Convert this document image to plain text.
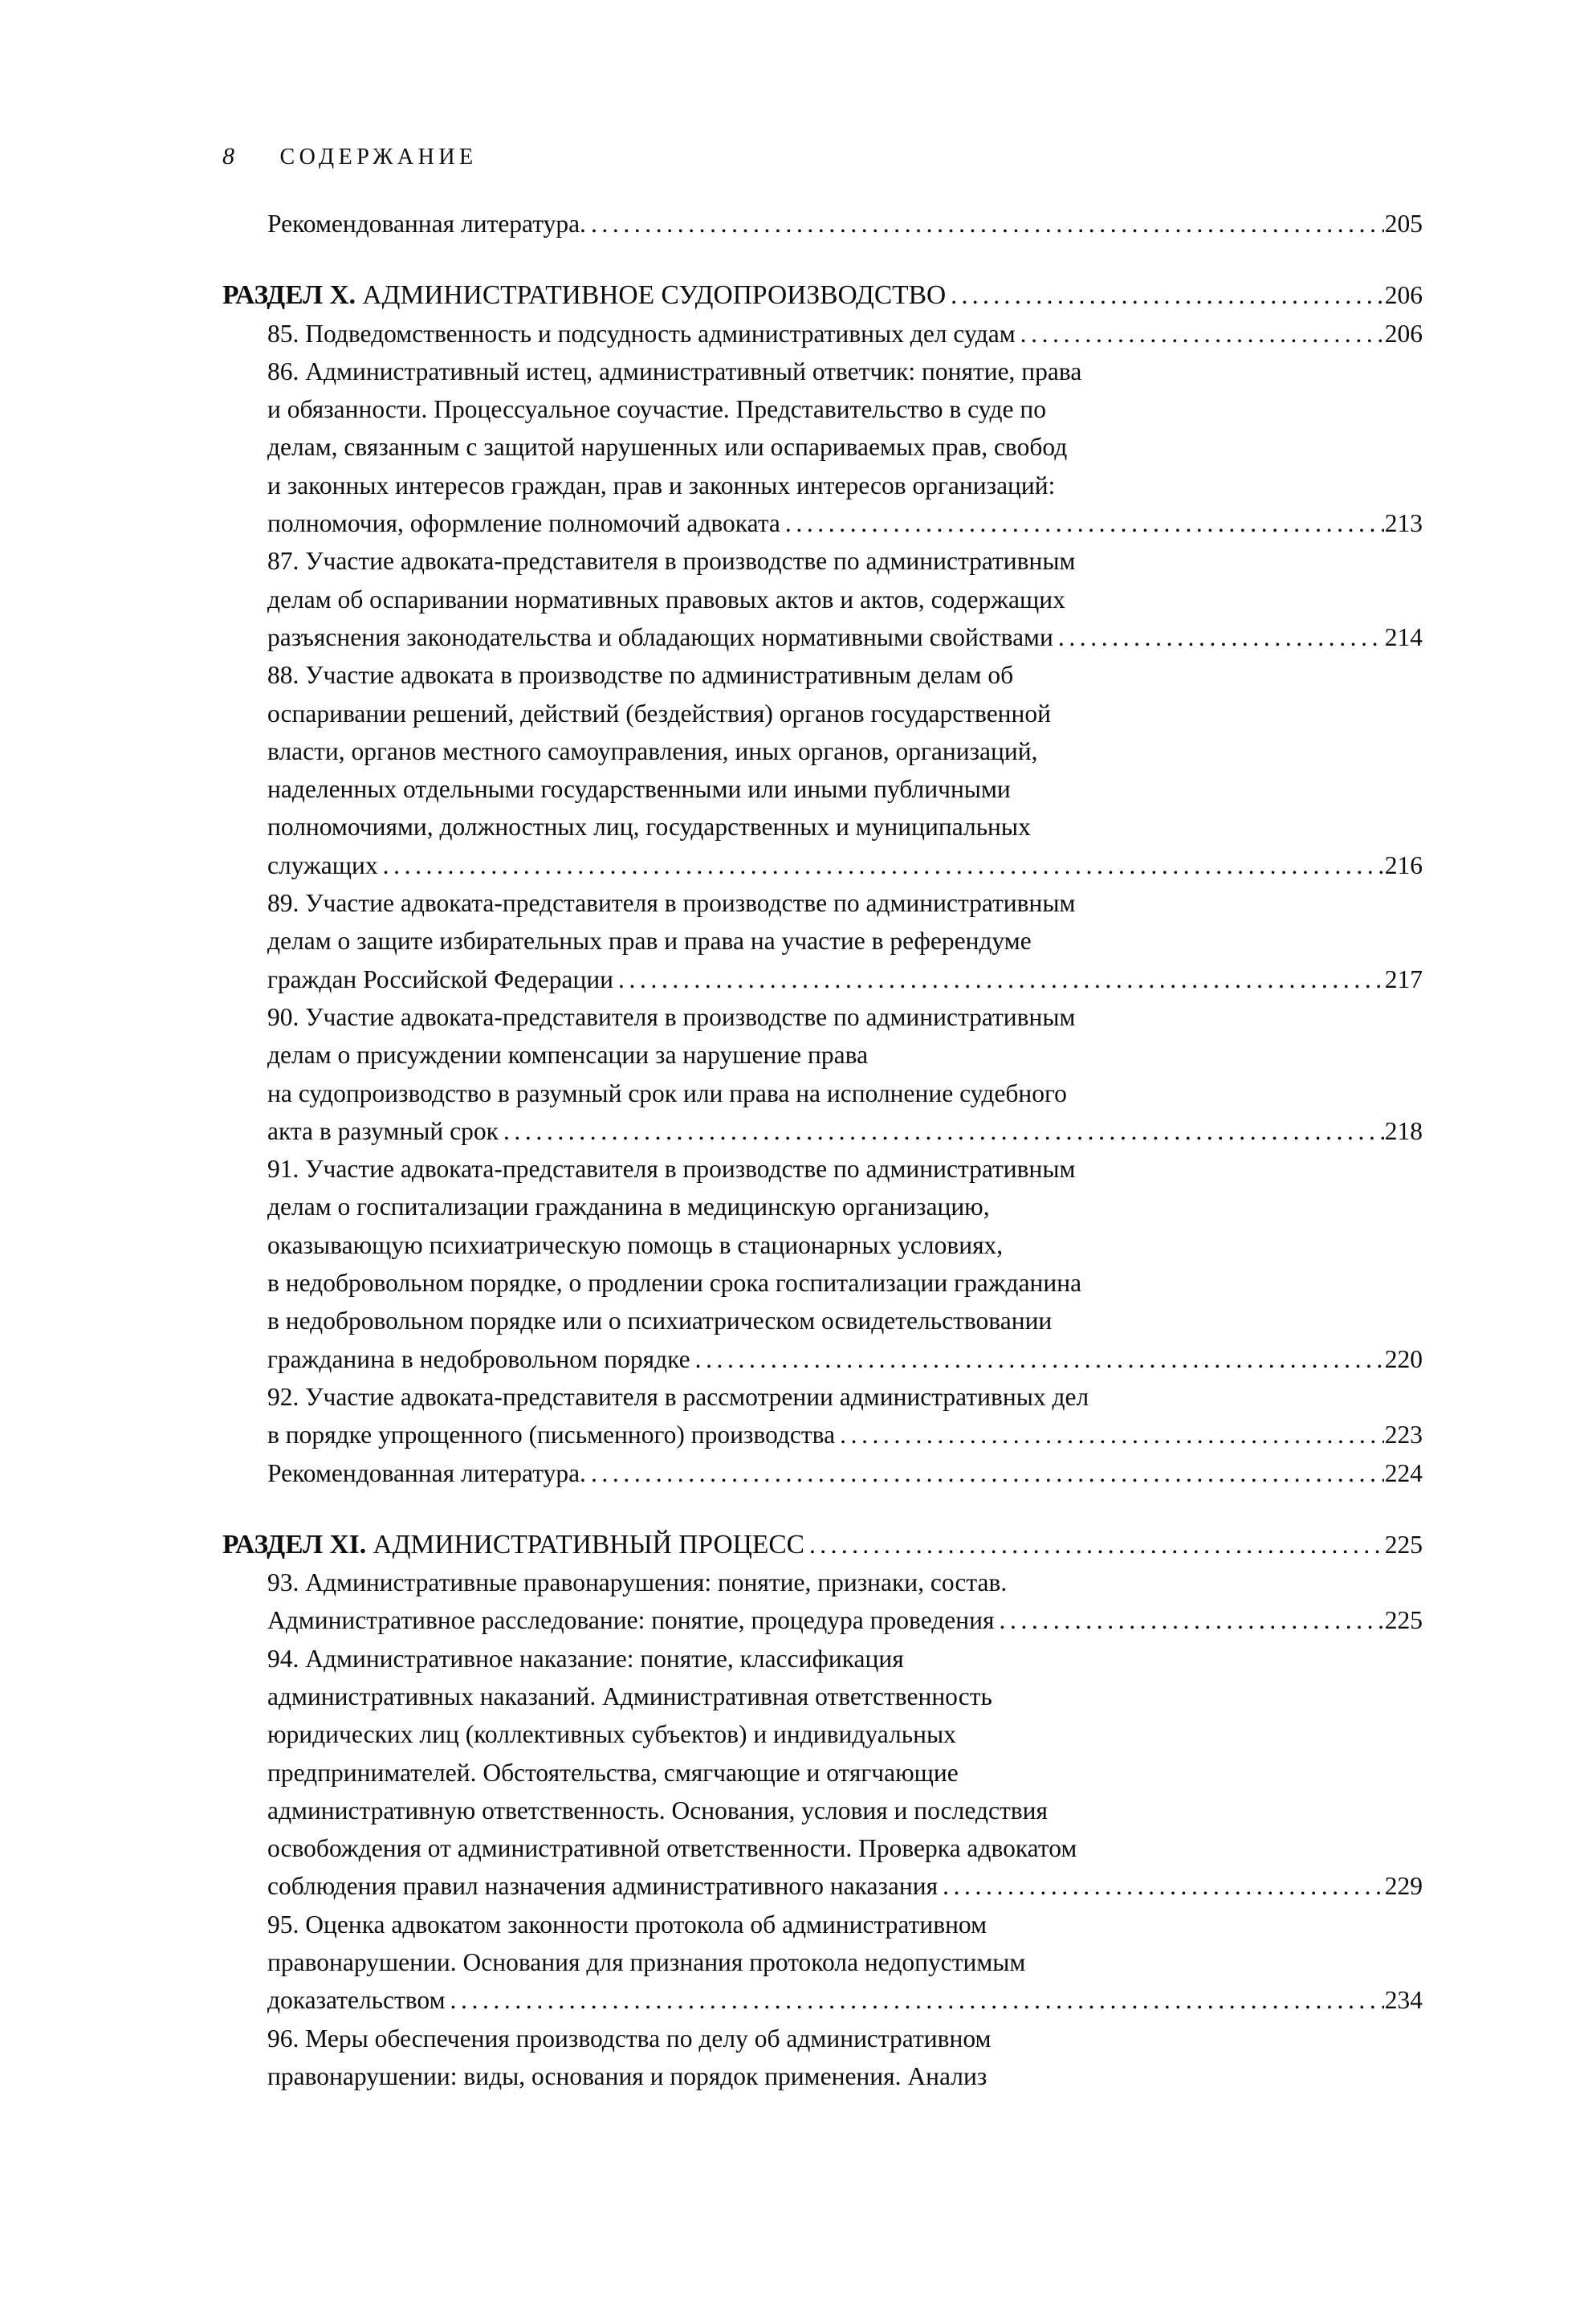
8 СОДЕРЖАНИЕ
Рекомендованная литература. .....	205
РАЗДЕЛ X. АДМИНИСТРАТИВНОЕ СУДОПРОИЗВОДСТВО .....	206
85. Подведомственность и подсудность административных дел судам .....	206
86. Административный истец, административный ответчик: понятие, права
и обязанности. Процессуальное соучастие. Представительство в суде по
делам, связанным с защитой нарушенных или оспариваемых прав, свобод
и законных интересов граждан, прав и законных интересов организаций:
полномочия, оформление полномочий адвоката .....	213
87. Участие адвоката-представителя в производстве по административным
делам об оспаривании нормативных правовых актов и актов, содержащих
разъяснения законодательства и обладающих нормативными свойствами .....	214
88. Участие адвоката в производстве по административным делам об
оспаривании решений, действий (бездействия) органов государственной
власти, органов местного самоуправления, иных органов, организаций,
наделенных отдельными государственными или иными публичными
полномочиями, должностных лиц, государственных и муниципальных
служащих .....	216
89. Участие адвоката-представителя в производстве по административным
делам о защите избирательных прав и права на участие в референдуме
граждан Российской Федерации .....	217
90. Участие адвоката-представителя в производстве по административным
делам о присуждении компенсации за нарушение права
на судопроизводство в разумный срок или права на исполнение судебного
акта в разумный срок .....	218
91. Участие адвоката-представителя в производстве по административным
делам о госпитализации гражданина в медицинскую организацию,
оказывающую психиатрическую помощь в стационарных условиях,
в недобровольном порядке, о продлении срока госпитализации гражданина
в недобровольном порядке или о психиатрическом освидетельствовании
гражданина в недобровольном порядке .....	220
92. Участие адвоката-представителя в рассмотрении административных дел
в порядке упрощенного (письменного) производства .....	223
Рекомендованная литература. .....	224
РАЗДЕЛ XI. АДМИНИСТРАТИВНЫЙ ПРОЦЕСС .....	225
93. Административные правонарушения: понятие, признаки, состав.
Административное расследование: понятие, процедура проведения .....	225
94. Административное наказание: понятие, классификация
административных наказаний. Административная ответственность
юридических лиц (коллективных субъектов) и индивидуальных
предпринимателей. Обстоятельства, смягчающие и отягчающие
административную ответственность. Основания, условия и последствия
освобождения от административной ответственности. Проверка адвокатом
соблюдения правил назначения административного наказания .....	229
95. Оценка адвокатом законности протокола об административном
правонарушении. Основания для признания протокола недопустимым
доказательством .....	234
96. Меры обеспечения производства по делу об административном
правонарушении: виды, основания и порядок применения. Анализ
